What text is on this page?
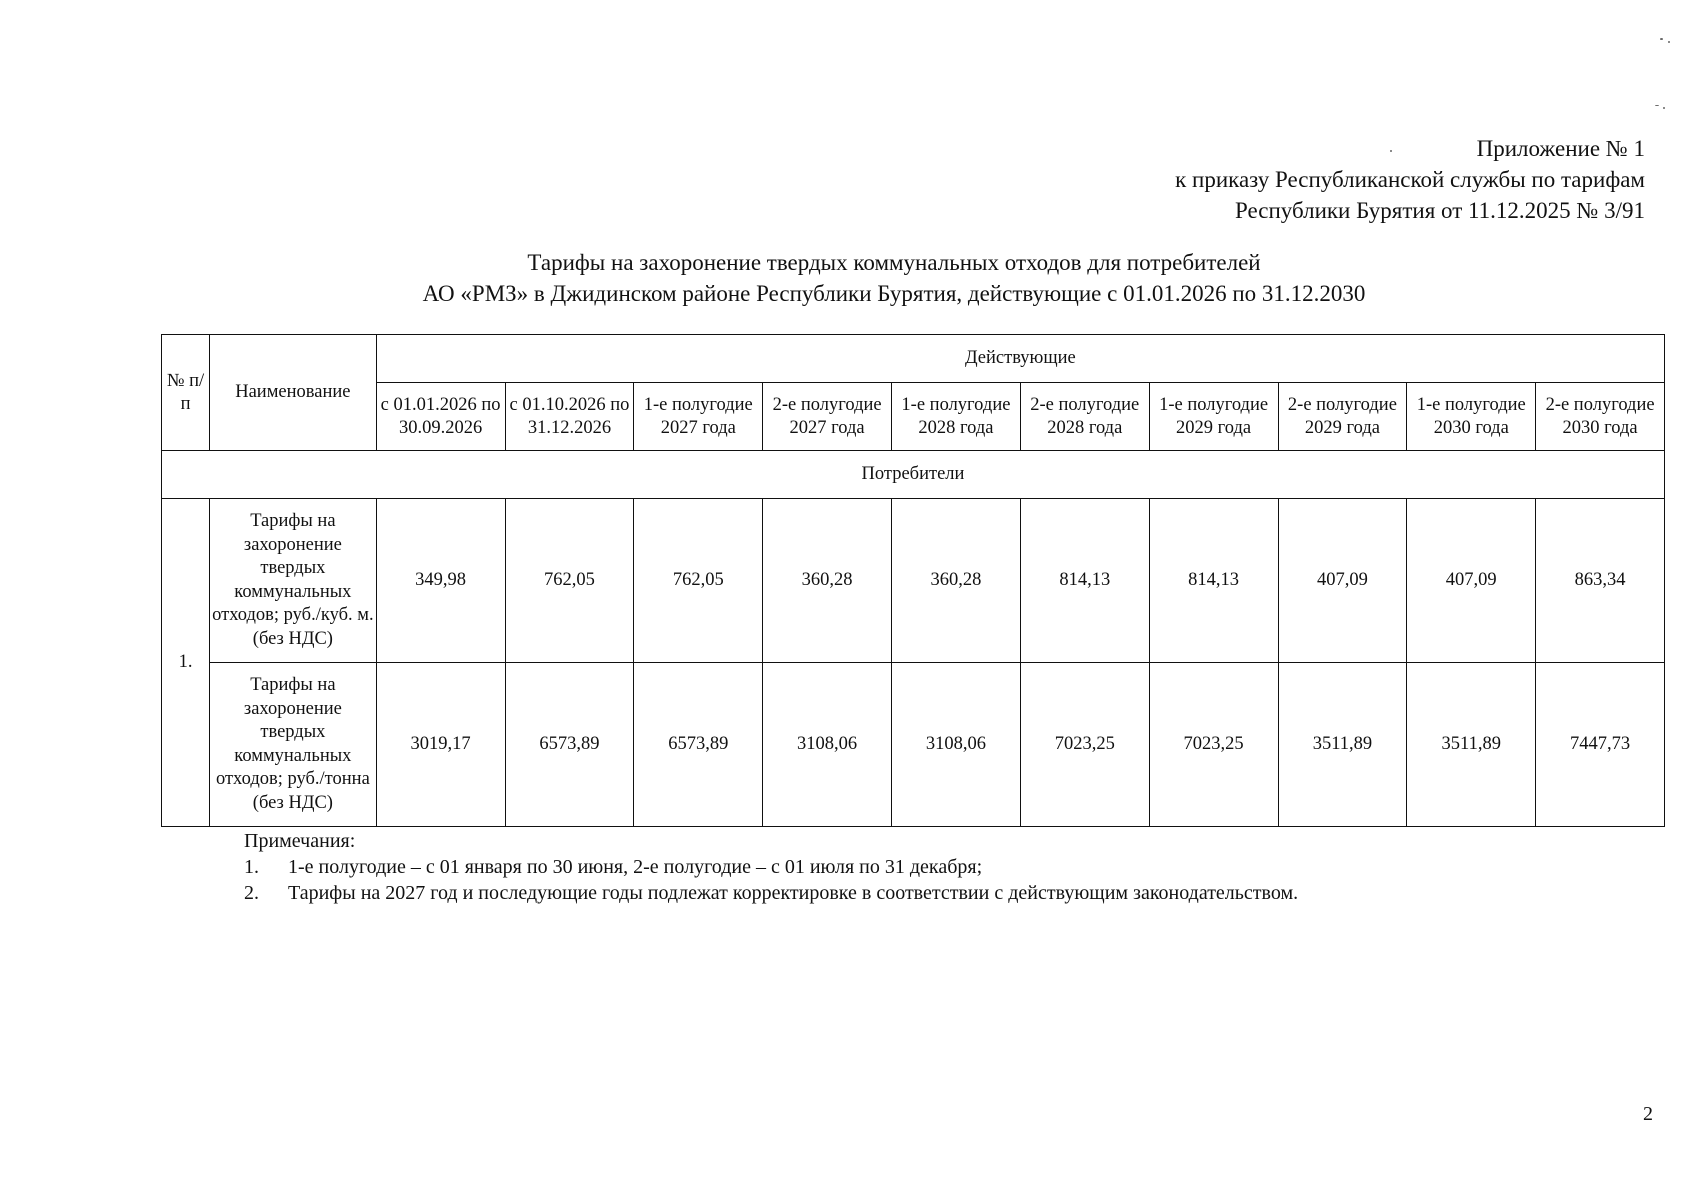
Приложение № 1
к приказу Республиканской службы по тарифам
Республики Бурятия от 11.12.2025 № 3/91
Тарифы на захоронение твердых коммунальных отходов для потребителей
АО «РМЗ» в Джидинском районе Республики Бурятия, действующие с 01.01.2026 по 31.12.2030
№ п/п	Наименование	Действующие									
		с 01.01.2026 по 30.09.2026	с 01.10.2026 по 31.12.2026	1-е полугодие 2027 года	2-е полугодие 2027 года	1-е полугодие 2028 года	2-е полугодие 2028 года	1-е полугодие 2029 года	2-е полугодие 2029 года	1-е полугодие 2030 года	2-е полугодие 2030 года
Потребители											
1.	Тарифы на захоронение твердых коммунальных отходов; руб./куб. м. (без НДС)	349,98	762,05	762,05	360,28	360,28	814,13	814,13	407,09	407,09	863,34
	Тарифы на захоронение твердых коммунальных отходов; руб./тонна (без НДС)	3019,17	6573,89	6573,89	3108,06	3108,06	7023,25	7023,25	3511,89	3511,89	7447,73
Примечания:
1.	1-е полугодие – с 01 января по 30 июня, 2-е полугодие – с 01 июля по 31 декабря;
2.	Тарифы на 2027 год и последующие годы подлежат корректировке в соответствии с действующим законодательством.
2
